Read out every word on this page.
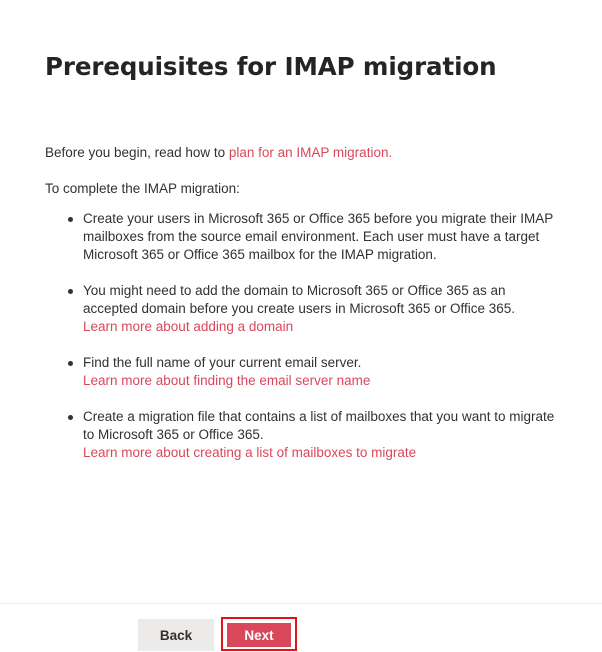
Prerequisites for IMAP migration

Before you begin, read how to plan for an IMAP migration.

To complete the IMAP migration:

Create your users in Microsoft 365 or Office 365 before you migrate their IMAP mailboxes from the source email environment. Each user must have a target Microsoft 365 or Office 365 mailbox for the IMAP migration.
You might need to add the domain to Microsoft 365 or Office 365 as an accepted domain before you create users in Microsoft 365 or Office 365.
Learn more about adding a domain
Find the full name of your current email server.
Learn more about finding the email server name
Create a migration file that contains a list of mailboxes that you want to migrate to Microsoft 365 or Office 365.
Learn more about creating a list of mailboxes to migrate
Back	Next
